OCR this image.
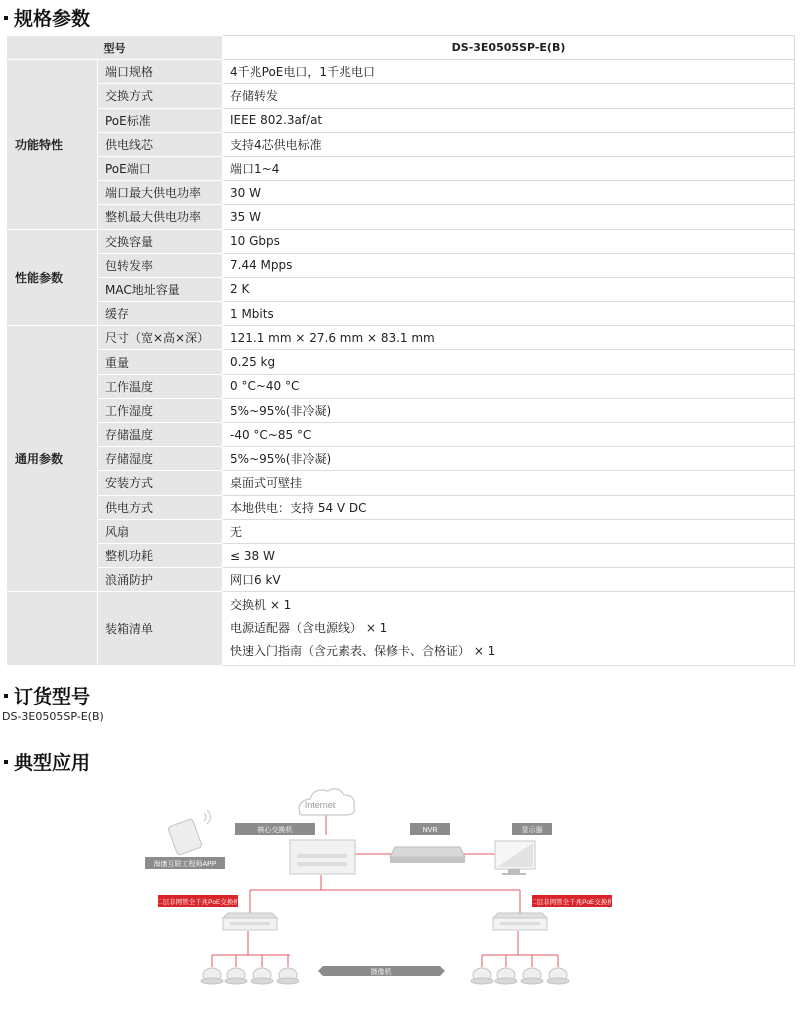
规格参数
型号		DS-3E0505SP-E(B)
功能特性	端口规格	4千兆PoE电口，1千兆电口
	交换方式	存储转发
	PoE标准	IEEE 802.3af/at
	供电线芯	支持4芯供电标准
	PoE端口	端口1~4
	端口最大供电功率	30 W
	整机最大供电功率	35 W
性能参数	交换容量	10 Gbps
	包转发率	7.44 Mpps
	MAC地址容量	2 K
	缓存	1 Mbits
通用参数	尺寸（宽×高×深）	121.1 mm × 27.6 mm × 83.1 mm
	重量	0.25 kg
	工作温度	0 °C~40 °C
	工作湿度	5%~95%(非冷凝)
	存储温度	-40 °C~85 °C
	存储湿度	5%~95%(非冷凝)
	安装方式	桌面式可壁挂
	供电方式	本地供电：支持 54 V DC
	风扇	无
	整机功耗	≤ 38 W
	浪涌防护	网口6 kV
	装箱清单	交换机 × 1
电源适配器（含电源线） × 1
快速入门指南（含元素表、保修卡、合格证） × 1
订货型号
DS-3E0505SP-E(B)
典型应用
Internet
核心交换机	NVR	显示器
海康互联工程师APP
二层非网管全千兆PoE交换机	二层非网管全千兆PoE交换机
摄像机
